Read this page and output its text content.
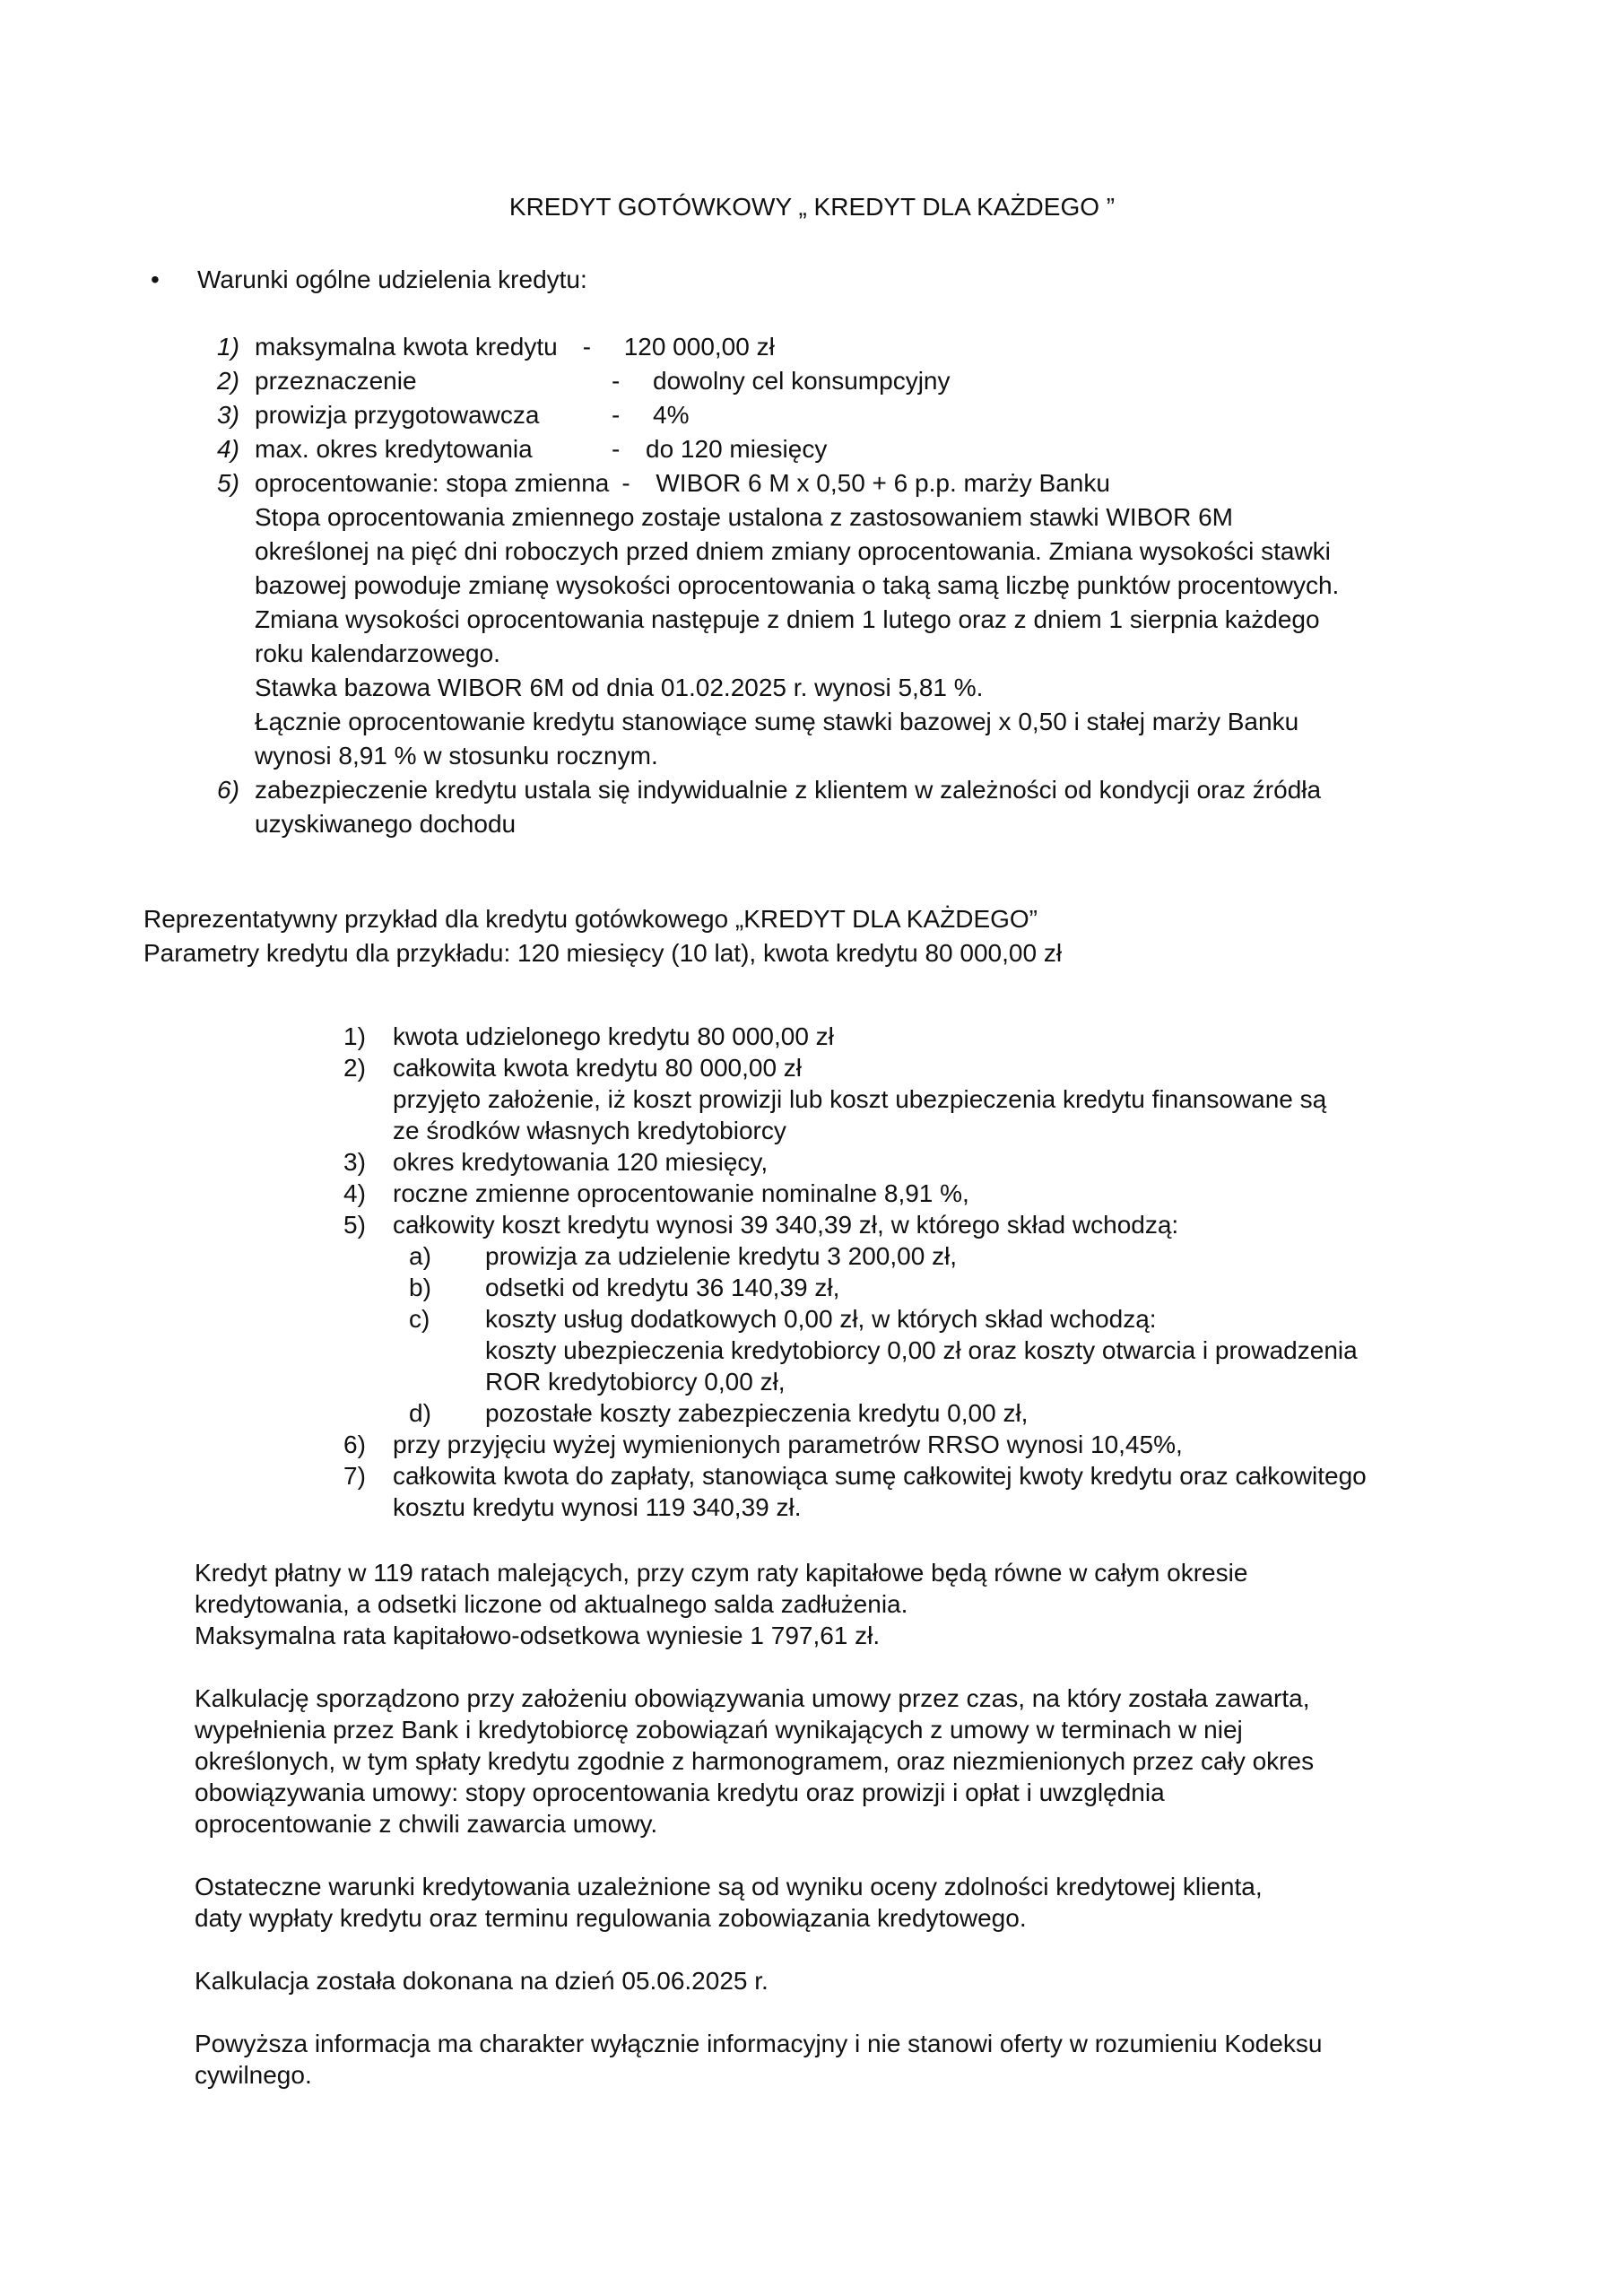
KREDYT GOTÓWKOWY „ KREDYT DLA KAŻDEGO ”
• Warunki ogólne udzielenia kredytu:
1) maksymalna kwota kredytu - 120 000,00 zł
2) przeznaczenie	- dowolny cel konsumpcyjny
3) prowizja przygotowawcza	- 4%
4) max. okres kredytowania	- do 120 miesięcy
5) oprocentowanie: stopa zmienna - WIBOR 6 M x 0,50 + 6 p.p. marży Banku
Stopa oprocentowania zmiennego zostaje ustalona z zastosowaniem stawki WIBOR 6M
określonej na pięć dni roboczych przed dniem zmiany oprocentowania. Zmiana wysokości stawki
bazowej powoduje zmianę wysokości oprocentowania o taką samą liczbę punktów procentowych.
Zmiana wysokości oprocentowania następuje z dniem 1 lutego oraz z dniem 1 sierpnia każdego
roku kalendarzowego.
Stawka bazowa WIBOR 6M od dnia 01.02.2025 r. wynosi 5,81 %.
Łącznie oprocentowanie kredytu stanowiące sumę stawki bazowej x 0,50 i stałej marży Banku
wynosi 8,91 % w stosunku rocznym.
6) zabezpieczenie kredytu ustala się indywidualnie z klientem w zależności od kondycji oraz źródła
uzyskiwanego dochodu
Reprezentatywny przykład dla kredytu gotówkowego „KREDYT DLA KAŻDEGO”
Parametry kredytu dla przykładu: 120 miesięcy (10 lat), kwota kredytu 80 000,00 zł
1)	kwota udzielonego kredytu 80 000,00 zł
2)	całkowita kwota kredytu 80 000,00 zł
przyjęto założenie, iż koszt prowizji lub koszt ubezpieczenia kredytu finansowane są
ze środków własnych kredytobiorcy
3)	okres kredytowania 120 miesięcy,
4)	roczne zmienne oprocentowanie nominalne 8,91 %,
5)	całkowity koszt kredytu wynosi 39 340,39 zł, w którego skład wchodzą:
a)	prowizja za udzielenie kredytu 3 200,00 zł,
b)	odsetki od kredytu 36 140,39 zł,
c)	koszty usług dodatkowych 0,00 zł, w których skład wchodzą:
koszty ubezpieczenia kredytobiorcy 0,00 zł oraz koszty otwarcia i prowadzenia
ROR kredytobiorcy 0,00 zł,
d)	pozostałe koszty zabezpieczenia kredytu 0,00 zł,
6)	przy przyjęciu wyżej wymienionych parametrów RRSO wynosi 10,45%,
7)	całkowita kwota do zapłaty, stanowiąca sumę całkowitej kwoty kredytu oraz całkowitego
kosztu kredytu wynosi 119 340,39 zł.
Kredyt płatny w 119 ratach malejących, przy czym raty kapitałowe będą równe w całym okresie
kredytowania, a odsetki liczone od aktualnego salda zadłużenia.
Maksymalna rata kapitałowo-odsetkowa wyniesie 1 797,61 zł.
Kalkulację sporządzono przy założeniu obowiązywania umowy przez czas, na który została zawarta,
wypełnienia przez Bank i kredytobiorcę zobowiązań wynikających z umowy w terminach w niej
określonych, w tym spłaty kredytu zgodnie z harmonogramem, oraz niezmienionych przez cały okres
obowiązywania umowy: stopy oprocentowania kredytu oraz prowizji i opłat i uwzględnia
oprocentowanie z chwili zawarcia umowy.
Ostateczne warunki kredytowania uzależnione są od wyniku oceny zdolności kredytowej klienta,
daty wypłaty kredytu oraz terminu regulowania zobowiązania kredytowego.
Kalkulacja została dokonana na dzień 05.06.2025 r.
Powyższa informacja ma charakter wyłącznie informacyjny i nie stanowi oferty w rozumieniu Kodeksu
cywilnego.
